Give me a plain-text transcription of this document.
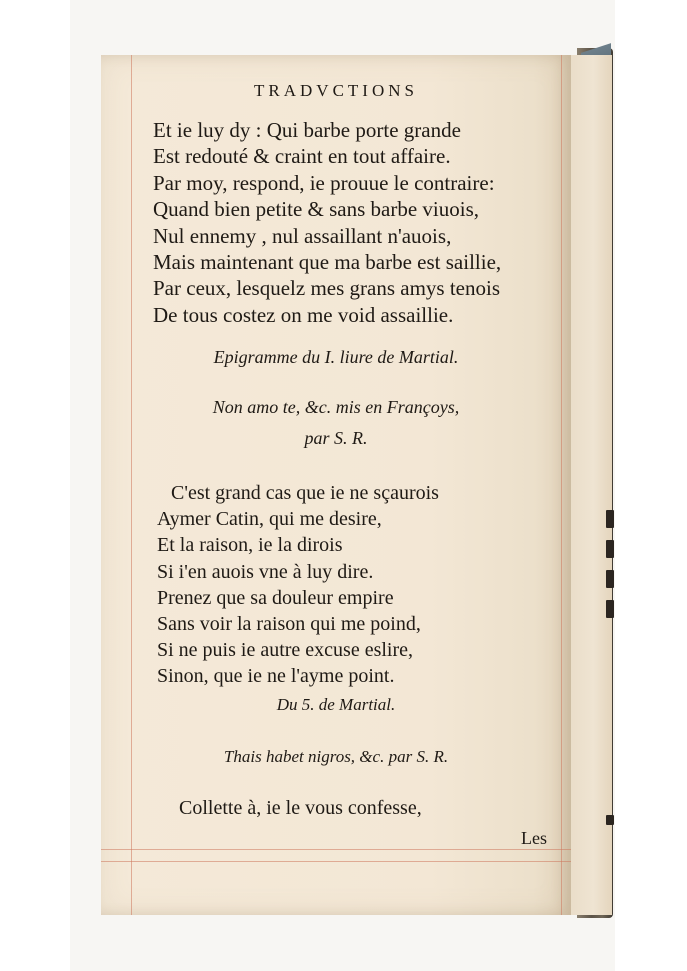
TRADVCTIONS
Et ie luy dy : Qui barbe porte grande
Est redouté & craint en tout affaire.
Par moy, respond, ie prouue le contraire:
Quand bien petite & sans barbe viuois,
Nul ennemy , nul assaillant n'auois,
Mais maintenant que ma barbe est saillie,
Par ceux, lesquelz mes grans amys tenois
De tous costez on me void assaillie.
Epigramme du I. liure de Martial.
Non amo te, &c. mis en Françoys,
par S. R.
C'est grand cas que ie ne sçaurois
Aymer Catin, qui me desire,
Et la raison, ie la dirois
Si i'en auois vne à luy dire.
Prenez que sa douleur empire
Sans voir la raison qui me poind,
Si ne puis ie autre excuse eslire,
Sinon, que ie ne l'ayme point.
Du 5. de Martial.
Thais habet nigros, &c. par S. R.
Collette à, ie le vous confesse,
Les
